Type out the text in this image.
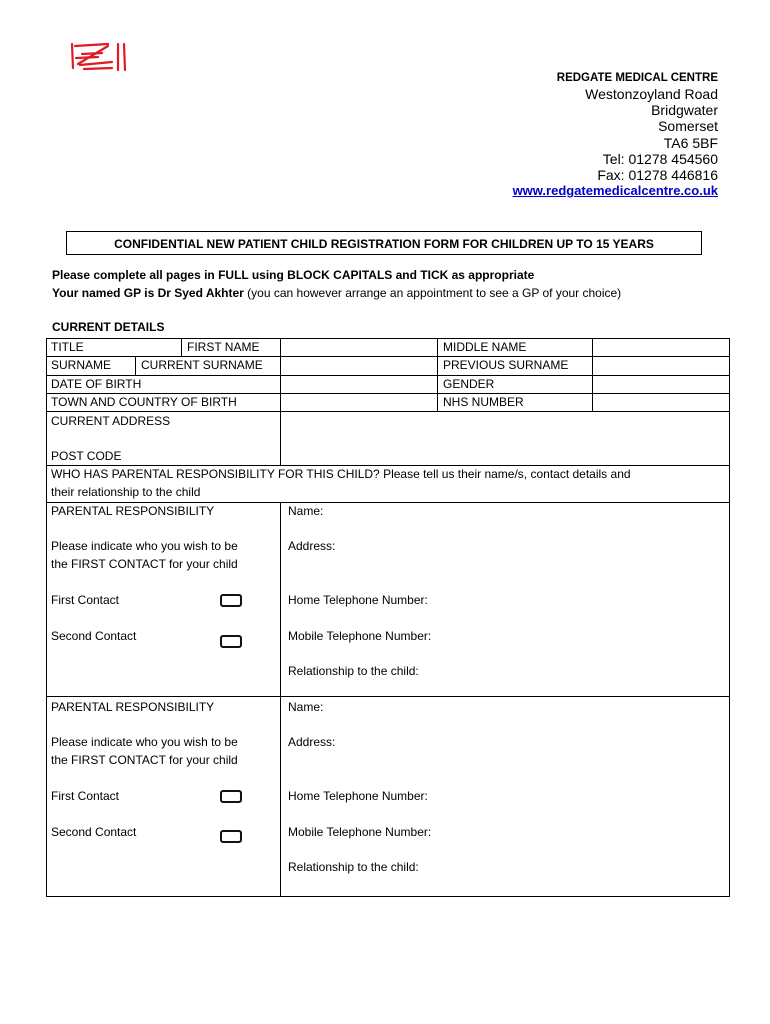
REDGATE MEDICAL CENTRE
Westonzoyland Road
Bridgwater
Somerset
TA6 5BF
Tel: 01278 454560
Fax: 01278 446816
www.redgatemedicalcentre.co.uk
CONFIDENTIAL NEW PATIENT CHILD REGISTRATION FORM FOR CHILDREN UP TO 15 YEARS
Please complete all pages in FULL using BLOCK CAPITALS and TICK as appropriate
Your named GP is Dr Syed Akhter (you can however arrange an appointment to see a GP of your choice)
CURRENT DETAILS
TITLE	FIRST NAME	MIDDLE NAME
SURNAME	CURRENT SURNAME	PREVIOUS SURNAME
DATE OF BIRTH	GENDER
TOWN AND COUNTRY OF BIRTH	NHS NUMBER
CURRENT ADDRESS
POST CODE
WHO HAS PARENTAL RESPONSIBILITY FOR THIS CHILD? Please tell us their name/s, contact details and
their relationship to the child
PARENTAL RESPONSIBILITY
Please indicate who you wish to be
the FIRST CONTACT for your child
First Contact
Second Contact
Name:
Address:
Home Telephone Number:
Mobile Telephone Number:
Relationship to the child:
PARENTAL RESPONSIBILITY
Please indicate who you wish to be
the FIRST CONTACT for your child
First Contact
Second Contact
Name:
Address:
Home Telephone Number:
Mobile Telephone Number:
Relationship to the child:
